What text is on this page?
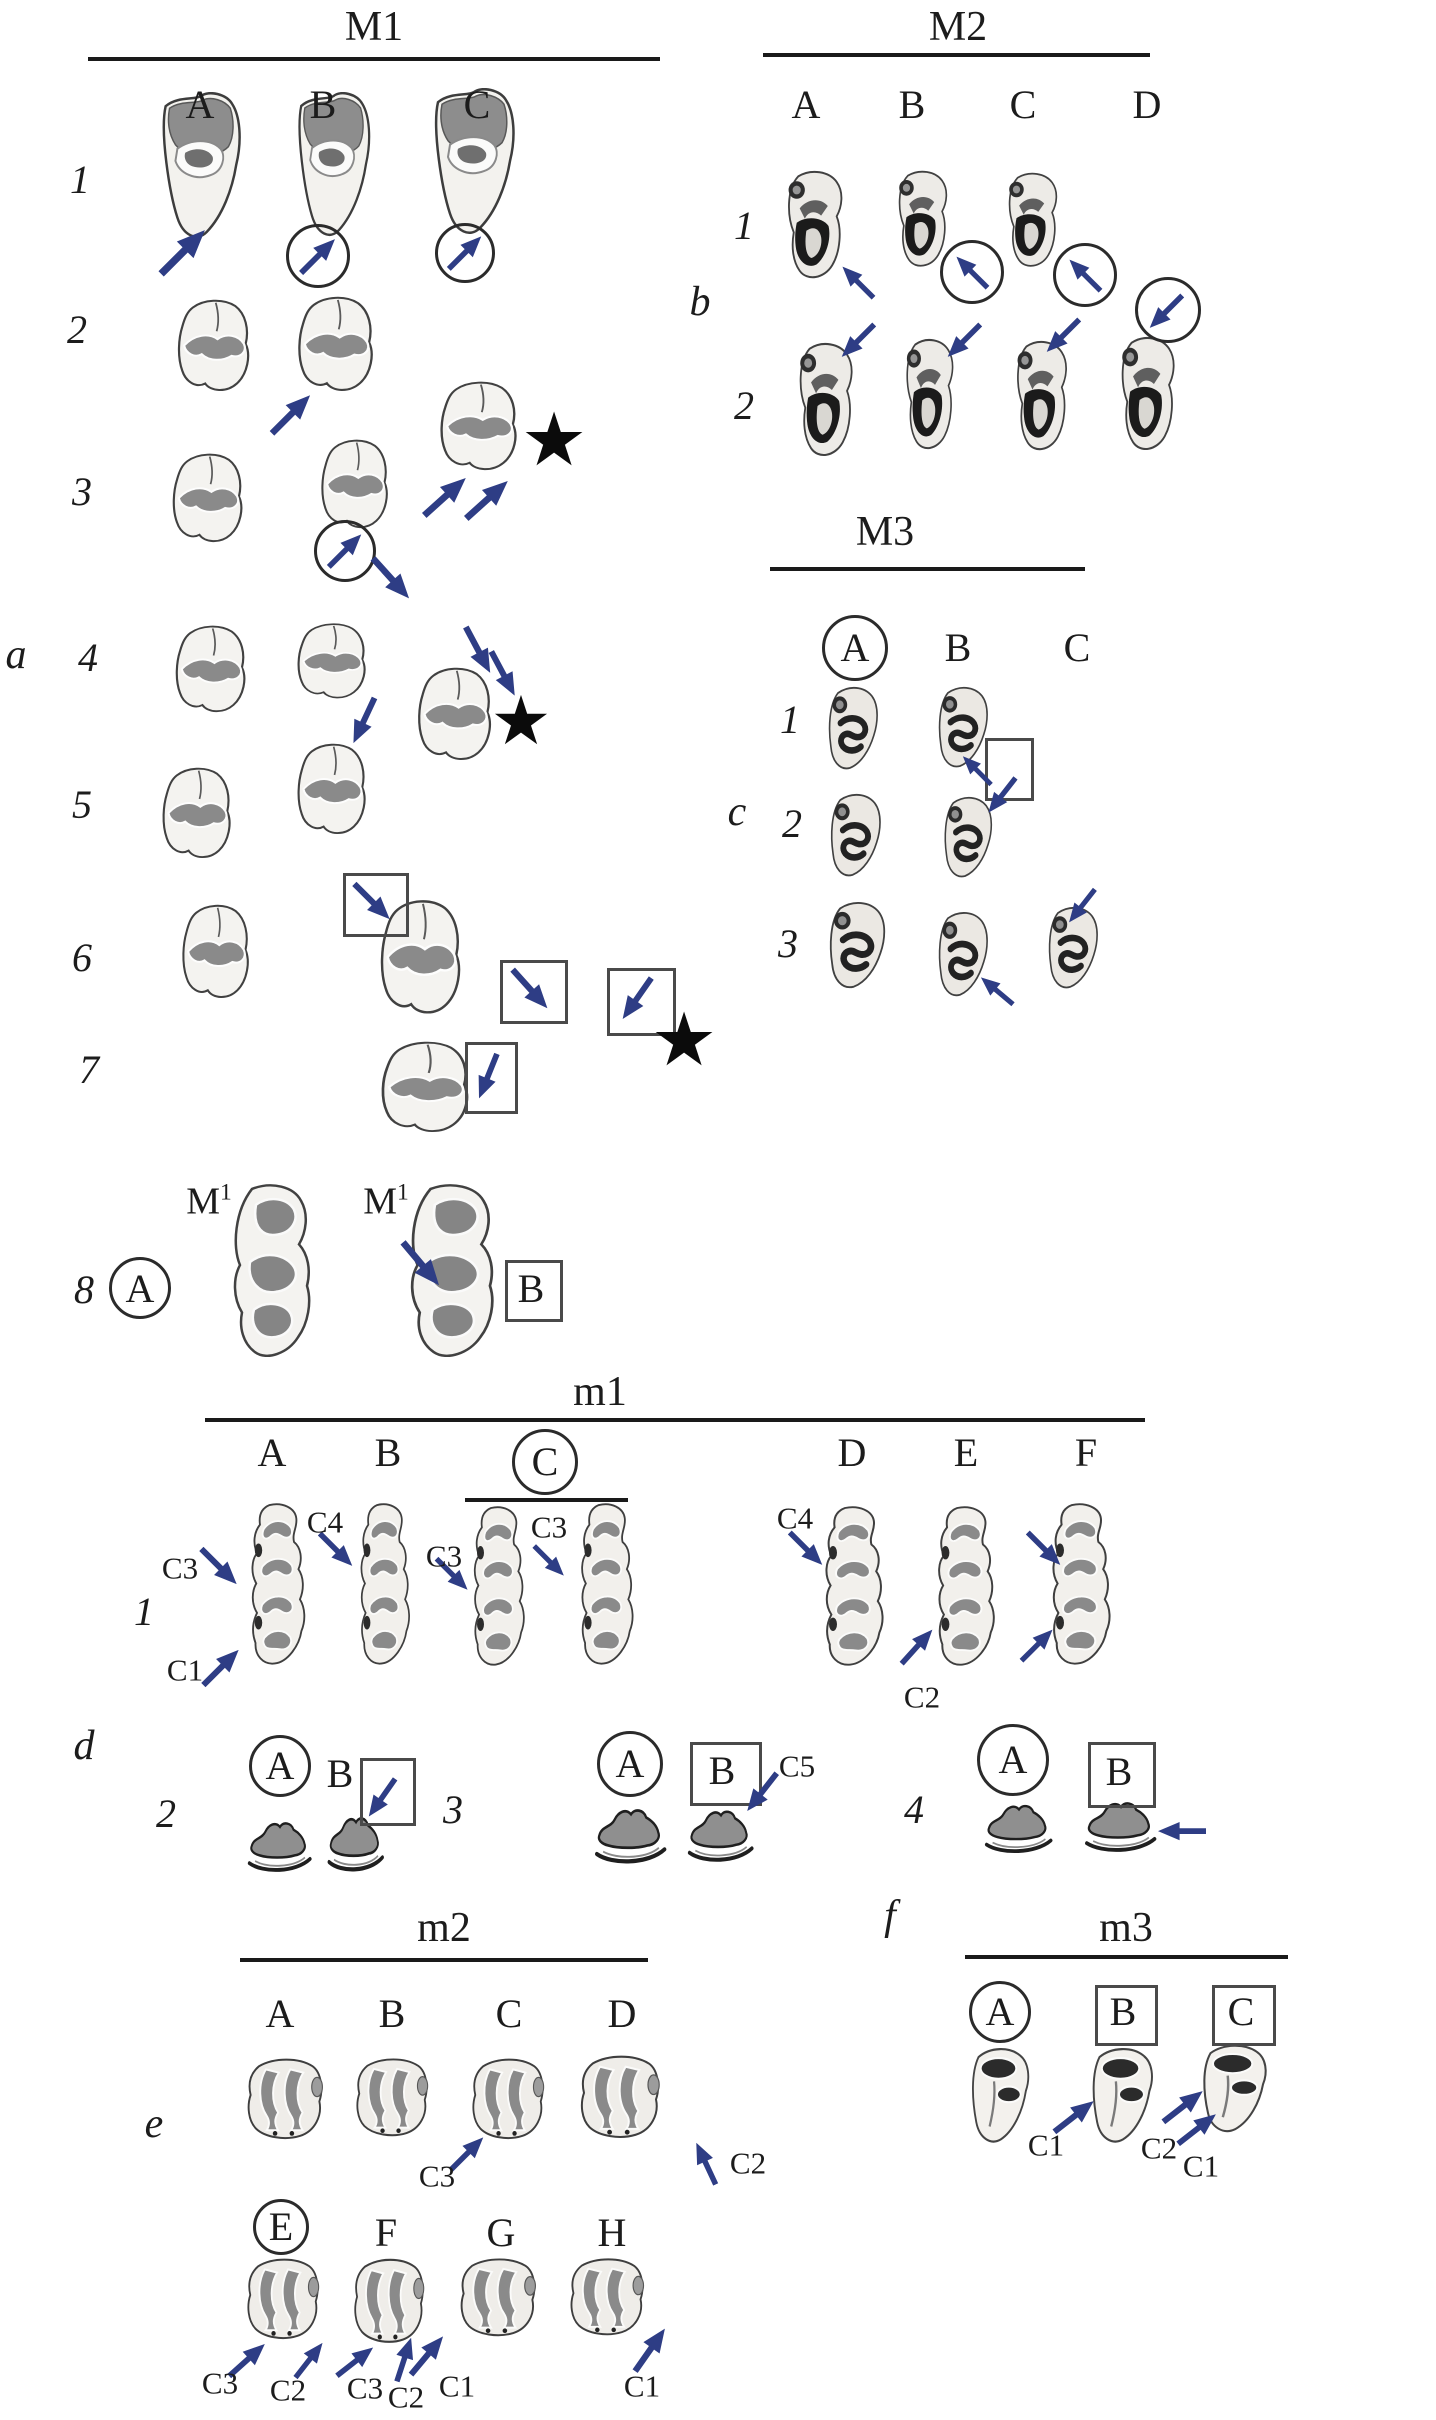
★
★
★
a
M1
A B	C
1
2
3
4
5
6
7
8
$M^1$	$M^1$
A	B
b
M2
A B C D
1
2
c
M3
A B C
1
2
3
d
m1
A B	C	D E F
1
2	3	4
C3
C4
C3
C3	C4
C1
C2
C5
A B	A B	A B
e
m2
A B C D
E F G H
C3	C2
C3 C2 C3 C2 C1	C1
f	m3
A B C
C1 C2
C1
